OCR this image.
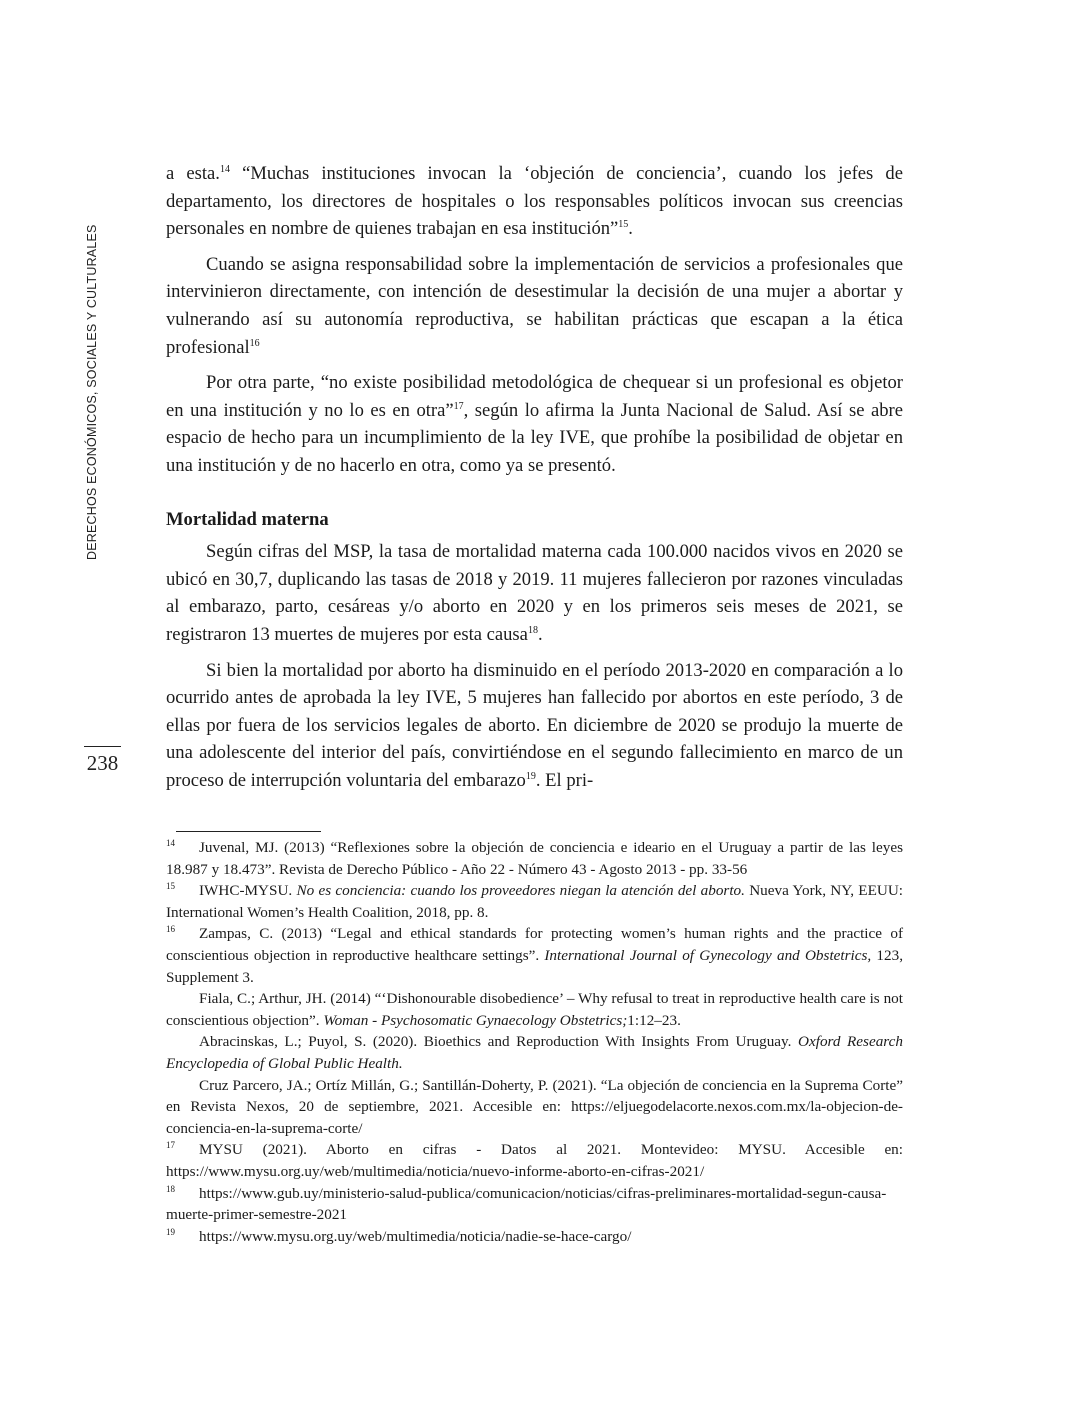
DERECHOS ECONÓMICOS, SOCIALES Y CULTURALES
238

a esta.$^{14}$ “Muchas instituciones invocan la ‘objeción de conciencia’, cuando los jefes de departamento, los directores de hospitales o los responsables políticos invocan sus creencias personales en nombre de quienes trabajan en esa institución”$^{15}$.

Cuando se asigna responsabilidad sobre la implementación de servicios a profesionales que intervinieron directamente, con intención de desestimular la decisión de una mujer a abortar y vulnerando así su autonomía reproductiva, se habilitan prácticas que escapan a la ética profesional$^{16}$

Por otra parte, “no existe posibilidad metodológica de chequear si un profesional es objetor en una institución y no lo es en otra”$^{17}$, según lo afirma la Junta Nacional de Salud. Así se abre espacio de hecho para un incumplimiento de la ley IVE, que prohíbe la posibilidad de objetar en una institución y de no hacerlo en otra, como ya se presentó.

Mortalidad materna

Según cifras del MSP, la tasa de mortalidad materna cada 100.000 nacidos vivos en 2020 se ubicó en 30,7, duplicando las tasas de 2018 y 2019. 11 mujeres fallecieron por razones vinculadas al embarazo, parto, cesáreas y/o aborto en 2020 y en los primeros seis meses de 2021, se registraron 13 muertes de mujeres por esta causa$^{18}$.

Si bien la mortalidad por aborto ha disminuido en el período 2013-2020 en comparación a lo ocurrido antes de aprobada la ley IVE, 5 mujeres han fallecido por abortos en este período, 3 de ellas por fuera de los servicios legales de aborto. En diciembre de 2020 se produjo la muerte de una adolescente del interior del país, convirtiéndose en el segundo fallecimiento en marco de un proceso de interrupción voluntaria del embarazo$^{19}$. El pri-

14 Juvenal, MJ. (2013) “Reflexiones sobre la objeción de conciencia e ideario en el Uruguay a partir de las leyes 18.987 y 18.473”. Revista de Derecho Público - Año 22 - Número 43 - Agosto 2013 - pp. 33-56

15 IWHC-MYSU. No es conciencia: cuando los proveedores niegan la atención del aborto. Nueva York, NY, EEUU: International Women’s Health Coalition, 2018, pp. 8.

16 Zampas, C. (2013) “Legal and ethical standards for protecting women’s human rights and the practice of conscientious objection in reproductive healthcare settings”. International Journal of Gynecology and Obstetrics, 123, Supplement 3.

Fiala, C.; Arthur, JH. (2014) “‘Dishonourable disobedience’ – Why refusal to treat in reproductive health care is not conscientious objection”. Woman - Psychosomatic Gynaecology Obstetrics;1:12–23.

Abracinskas, L.; Puyol, S. (2020). Bioethics and Reproduction With Insights From Uruguay. Oxford Research Encyclopedia of Global Public Health.

Cruz Parcero, JA.; Ortíz Millán, G.; Santillán-Doherty, P. (2021). “La objeción de conciencia en la Suprema Corte” en Revista Nexos, 20 de septiembre, 2021. Accesible en: https://eljuegodelacorte.nexos.com.mx/la-objecion-de-conciencia-en-la-suprema-corte/

17 MYSU (2021). Aborto en cifras - Datos al 2021. Montevideo: MYSU. Accesible en: https://www.mysu.org.uy/web/multimedia/noticia/nuevo-informe-aborto-en-cifras-2021/

18 https://www.gub.uy/ministerio-salud-publica/comunicacion/noticias/cifras-preliminares-mortalidad-segun-causa-muerte-primer-semestre-2021

19 https://www.mysu.org.uy/web/multimedia/noticia/nadie-se-hace-cargo/
